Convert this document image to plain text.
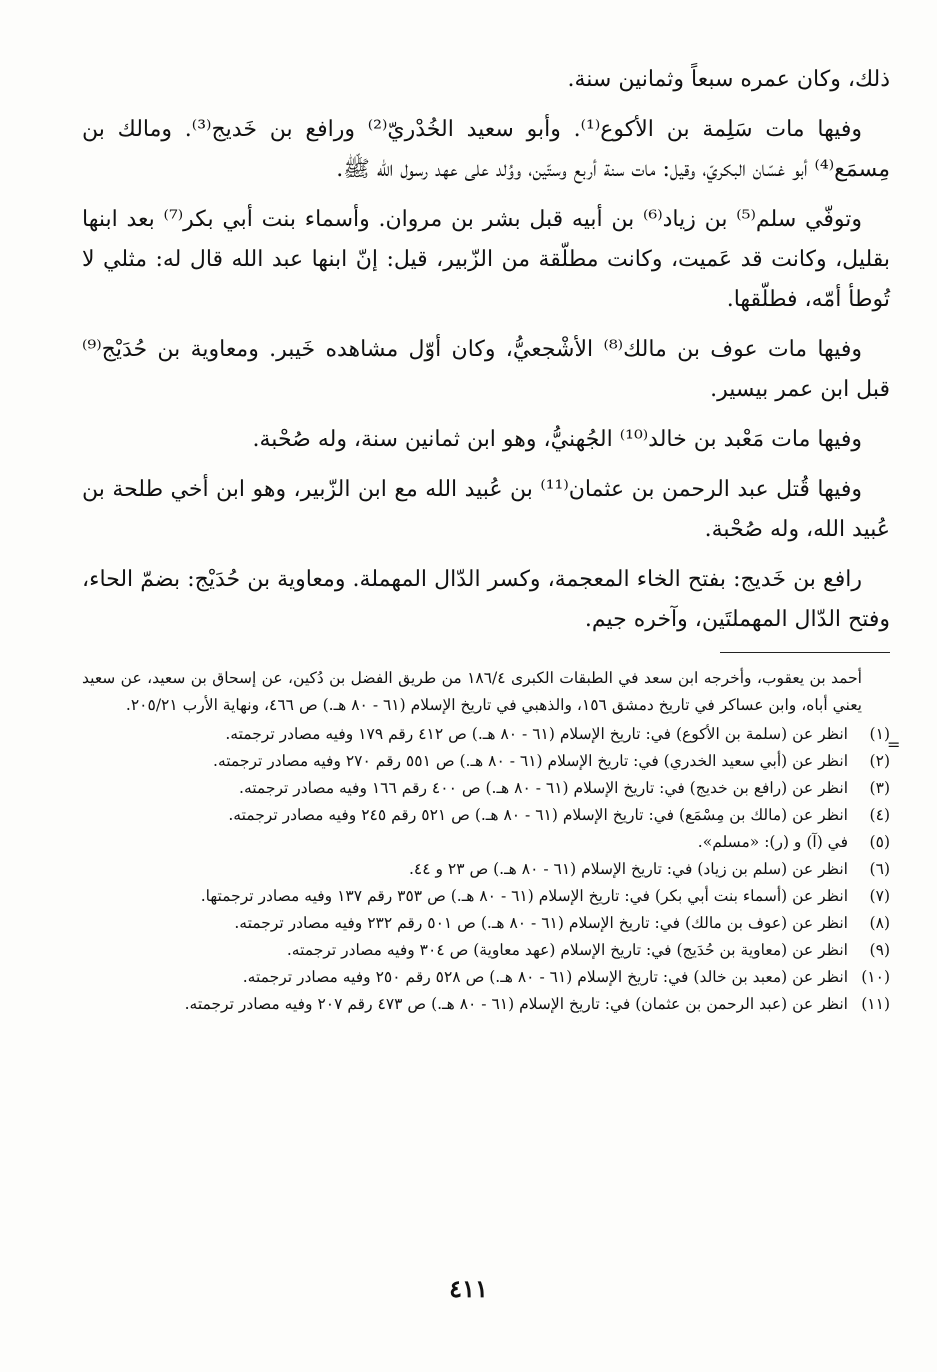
ذلك، وكان عمره سبعاً وثمانين سنة.

وفيها مات سَلِمة بن الأكوع⁽¹⁾. وأبو سعيد الخُدْريّ⁽²⁾ ورافع بن خَديج⁽³⁾. ومالك بن مِسمَع⁽⁴⁾ أبو غسّان البكريّ، وقيل: مات سنة أربع وستّين، ووُلد على عهد رسول الله ﷺ.

وتوفّي سلم⁽⁵⁾ بن زياد⁽⁶⁾ بن أبيه قبل بشر بن مروان. وأسماء بنت أبي بكر⁽⁷⁾ بعد ابنها بقليل، وكانت قد عَميت، وكانت مطلّقة من الزّبير، قيل: إنّ ابنها عبد الله قال له: مثلي لا تُوطأ أمّه، فطلّقها.

وفيها مات عوف بن مالك⁽⁸⁾ الأشْجعيُّ، وكان أوّل مشاهده خَيبر. ومعاوية بن حُدَيْج⁽⁹⁾ قبل ابن عمر بيسير.

وفيها مات مَعْبد بن خالد⁽¹⁰⁾ الجُهنيُّ، وهو ابن ثمانين سنة، وله صُحْبة.

وفيها قُتل عبد الرحمن بن عثمان⁽¹¹⁾ بن عُبيد الله مع ابن الزّبير، وهو ابن أخي طلحة بن عُبيد الله، وله صُحْبة.

رافع بن خَديج: بفتح الخاء المعجمة، وكسر الدّال المهملة. ومعاوية بن حُدَيْج: بضمّ الحاء، وفتح الدّال المهملتَين، وآخره جيم.

أحمد بن يعقوب، وأخرجه ابن سعد في الطبقات الكبرى ١٨٦/٤ من طريق الفضل بن دُكين، عن إسحاق بن سعيد، عن سعيد يعني أباه، وابن عساكر في تاريخ دمشق ١٥٦، والذهبي في تاريخ الإسلام (٦١ - ٨٠ هـ.) ص ٤٦٦، ونهاية الأرب ٢٠٥/٢١.

(١)
انظر عن (سلمة بن الأكوع) في: تاريخ الإسلام (٦١ - ٨٠ هـ.) ص ٤١٢ رقم ١٧٩ وفيه مصادر ترجمته.
(٢)
انظر عن (أبي سعيد الخدري) في: تاريخ الإسلام (٦١ - ٨٠ هـ.) ص ٥٥١ رقم ٢٧٠ وفيه مصادر ترجمته.
(٣)
انظر عن (رافع بن خديج) في: تاريخ الإسلام (٦١ - ٨٠ هـ.) ص ٤٠٠ رقم ١٦٦ وفيه مصادر ترجمته.
(٤)
انظر عن (مالك بن مِسْمَع) في: تاريخ الإسلام (٦١ - ٨٠ هـ.) ص ٥٢١ رقم ٢٤٥ وفيه مصادر ترجمته.
(٥)
في (آ) و (ر): «مسلم».
(٦)
انظر عن (سلم بن زياد) في: تاريخ الإسلام (٦١ - ٨٠ هـ.) ص ٢٣ و ٤٤.
(٧)
انظر عن (أسماء بنت أبي بكر) في: تاريخ الإسلام (٦١ - ٨٠ هـ.) ص ٣٥٣ رقم ١٣٧ وفيه مصادر ترجمتها.
(٨)
انظر عن (عوف بن مالك) في: تاريخ الإسلام (٦١ - ٨٠ هـ.) ص ٥٠١ رقم ٢٣٢ وفيه مصادر ترجمته.
(٩)
انظر عن (معاوية بن حُدَيج) في: تاريخ الإسلام (عهد معاوية) ص ٣٠٤ وفيه مصادر ترجمته.
(١٠)
انظر عن (معبد بن خالد) في: تاريخ الإسلام (٦١ - ٨٠ هـ.) ص ٥٢٨ رقم ٢٥٠ وفيه مصادر ترجمته.
(١١)
انظر عن (عبد الرحمن بن عثمان) في: تاريخ الإسلام (٦١ - ٨٠ هـ.) ص ٤٧٣ رقم ٢٠٧ وفيه مصادر ترجمته.
=
٤١١
